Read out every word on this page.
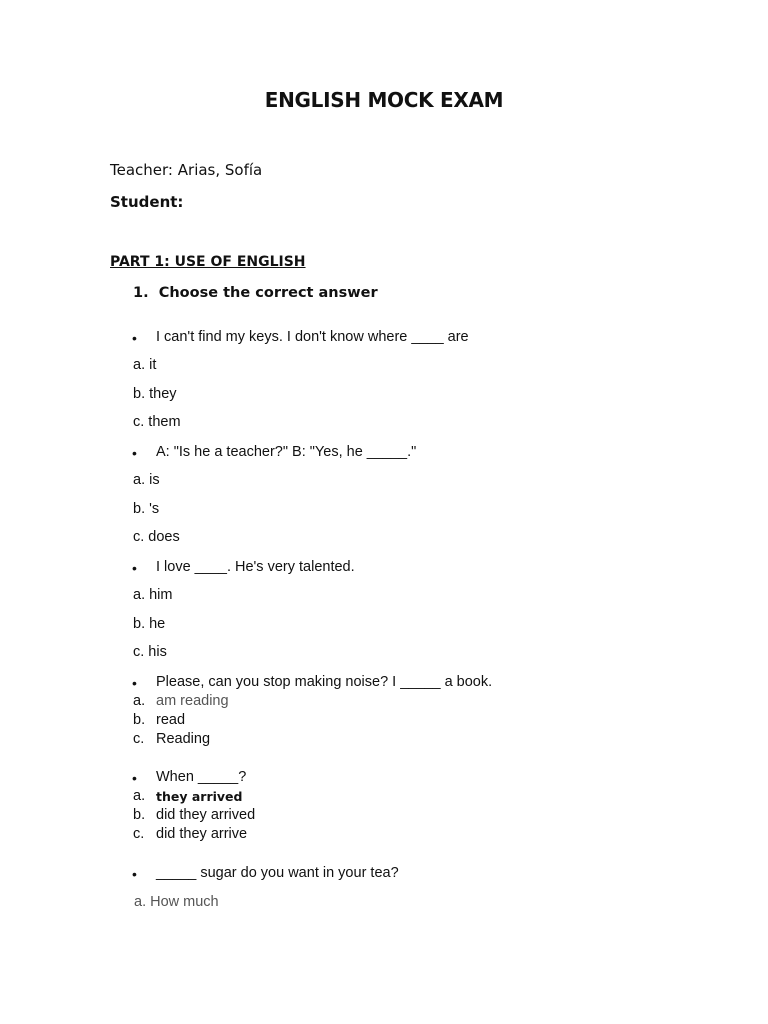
ENGLISH MOCK EXAM
Teacher: Arias, Sofía
Student:
PART 1: USE OF ENGLISH
1. Choose the correct answer
• I can't find my keys. I don't know where ____ are
a. it
b. they
c. them
• A: "Is he a teacher?" B: "Yes, he _____."
a. is
b. 's
c. does
• I love ____. He's very talented.
a. him
b. he
c. his
• Please, can you stop making noise? I _____ a book.
a. am reading
b. read
c. Reading
• When _____?
a. they arrived
b. did they arrived
c. did they arrive
• _____ sugar do you want in your tea?
a. How much
